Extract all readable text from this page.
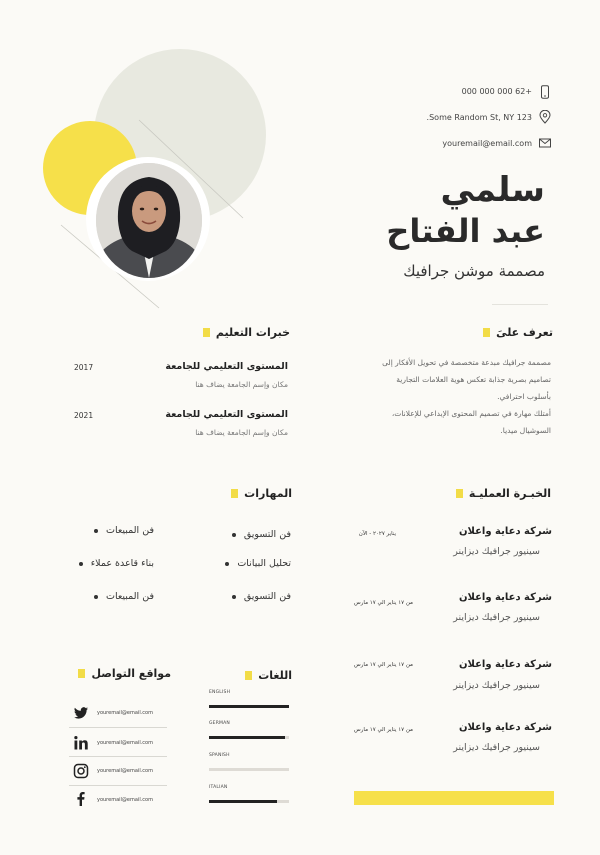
+62 000 000 000
123 Some Random St, NY.
youremail@email.com
سلمي
عبد الفتاح
مصممة موشن جرافيك
تعرف علىَ
مصممة جرافيك مبدعة متخصصة في تحويل الأفكار إلى
تصاميم بصرية جذابة تعكس هوية العلامات التجارية
بأسلوب احترافي.
أمتلك مهارة في تصميم المحتوى الإبداعي للإعلانات،
السوشيال ميديا.
خبرات التعليم
المستوى التعليمي للجامعة
مكان وإسم الجامعة يضاف هنا
2017
المستوى التعليمي للجامعة
مكان وإسم الجامعة يضاف هنا
2021
الخبـرة العمليـة
شركة دعاية واعلان
سينيور جرافيك ديزاينر
يناير ٢٠٢٧ - الآن
شركة دعاية واعلان
سينيور جرافيك ديزاينر
من ١٧ يناير الي ١٧ مارس
شركة دعاية واعلان
سينيور جرافيك ديزاينر
من ١٧ يناير الي ١٧ مارس
شركة دعاية واعلان
سينيور جرافيك ديزاينر
من ١٧ يناير الي ١٧ مارس
المهارات
فن التسويق
تحليل البيانات
فن التسويق
فن المبيعات
بناء قاعدة عملاء
فن المبيعات
اللغات
ENGLISH
GERMAN
SPANISH
ITALIAN
مواقع التواصل
youremail@email.com
youremail@email.com
youremail@email.com
youremail@email.com
